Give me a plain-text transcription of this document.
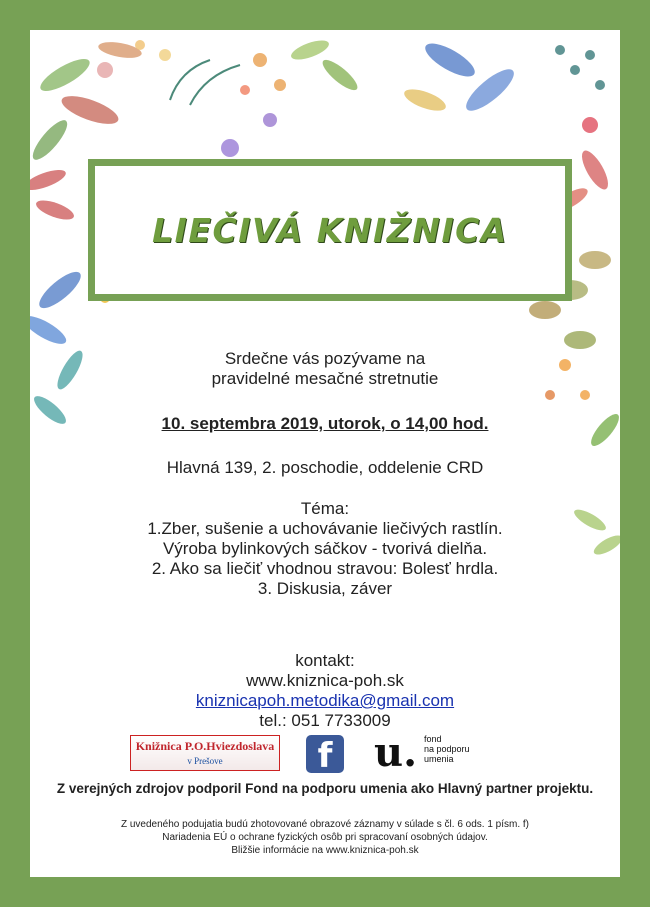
LIEČIVÁ KNIŽNICA
Srdečne vás pozývame na
pravidelné mesačné stretnutie
10. septembra 2019, utorok, o 14,00 hod.
Hlavná 139, 2. poschodie, oddelenie CRD
Téma:
1.Zber, sušenie a uchovávanie liečivých rastlín.
Výroba bylinkových sáčkov - tvorivá dielňa.
2. Ako sa liečiť vhodnou stravou: Bolesť hrdla.
3. Diskusia, záver
kontakt:
www.kniznica-poh.sk
kniznicapoh.metodika@gmail.com
tel.: 051 7733009
Knižnica P.O.Hviezdoslava
v Prešove	f u. fond
na podporu
umenia
Z verejných zdrojov podporil Fond na podporu umenia ako Hlavný partner projektu.
Z uvedeného podujatia budú zhotovované obrazové záznamy v súlade s čl. 6 ods. 1 písm. f)
Nariadenia EÚ o ochrane fyzických osôb pri spracovaní osobných údajov.
Bližšie informácie na www.kniznica-poh.sk
